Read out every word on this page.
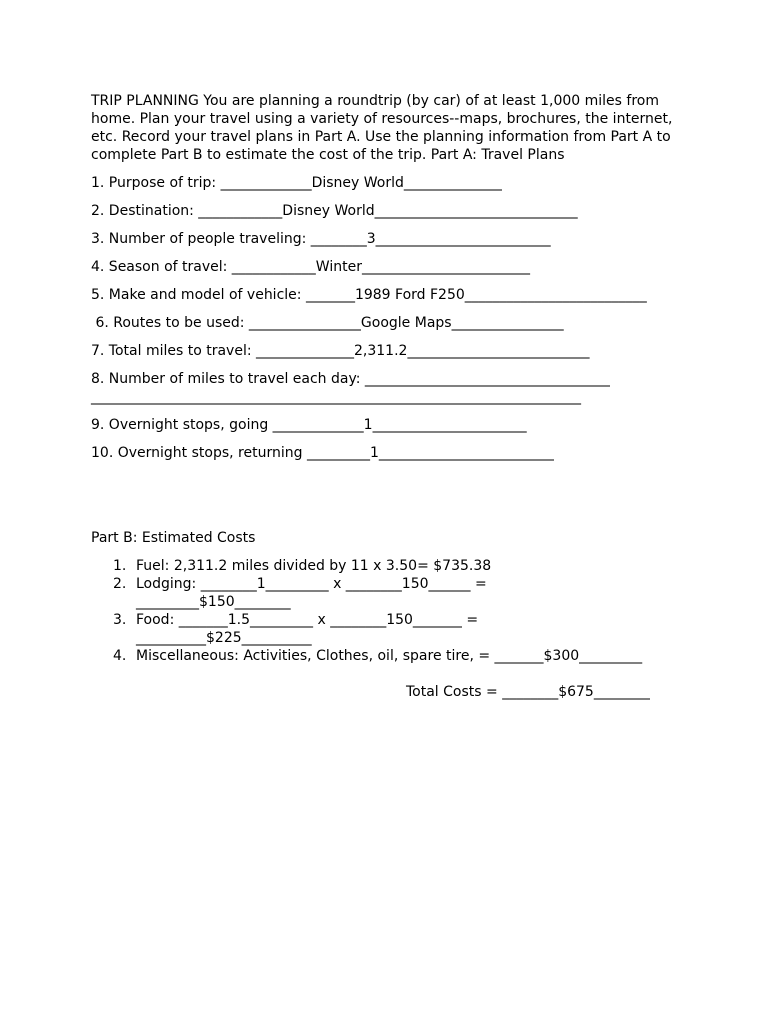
TRIP PLANNING You are planning a roundtrip (by car) of at least 1,000 miles from home. Plan your travel using a variety of resources--maps, brochures, the internet, etc. Record your travel plans in Part A. Use the planning information from Part A to complete Part B to estimate the cost of the trip. Part A: Travel Plans

1. Purpose of trip: _____________Disney World______________

2. Destination: ____________Disney World_____________________________

3. Number of people traveling: ________3_________________________

4. Season of travel: ____________Winter________________________

5. Make and model of vehicle: _______1989 Ford F250__________________________

6. Routes to be used: ________________Google Maps________________

7. Total miles to travel: ______________2,311.2__________________________

8. Number of miles to travel each day: ___________________________________ ______________________________________________________________________

9. Overnight stops, going _____________1______________________

10. Overnight stops, returning _________1_________________________

Part B: Estimated Costs

1. Fuel: 2,311.2 miles divided by 11 x 3.50= $735.38
2. Lodging: ________1_________ x ________150______ = _________$150________
3. Food: _______1.5_________ x ________150_______ = __________$225__________
4. Miscellaneous: Activities, Clothes, oil, spare tire, = _______$300_________

Total Costs = ________$675________
